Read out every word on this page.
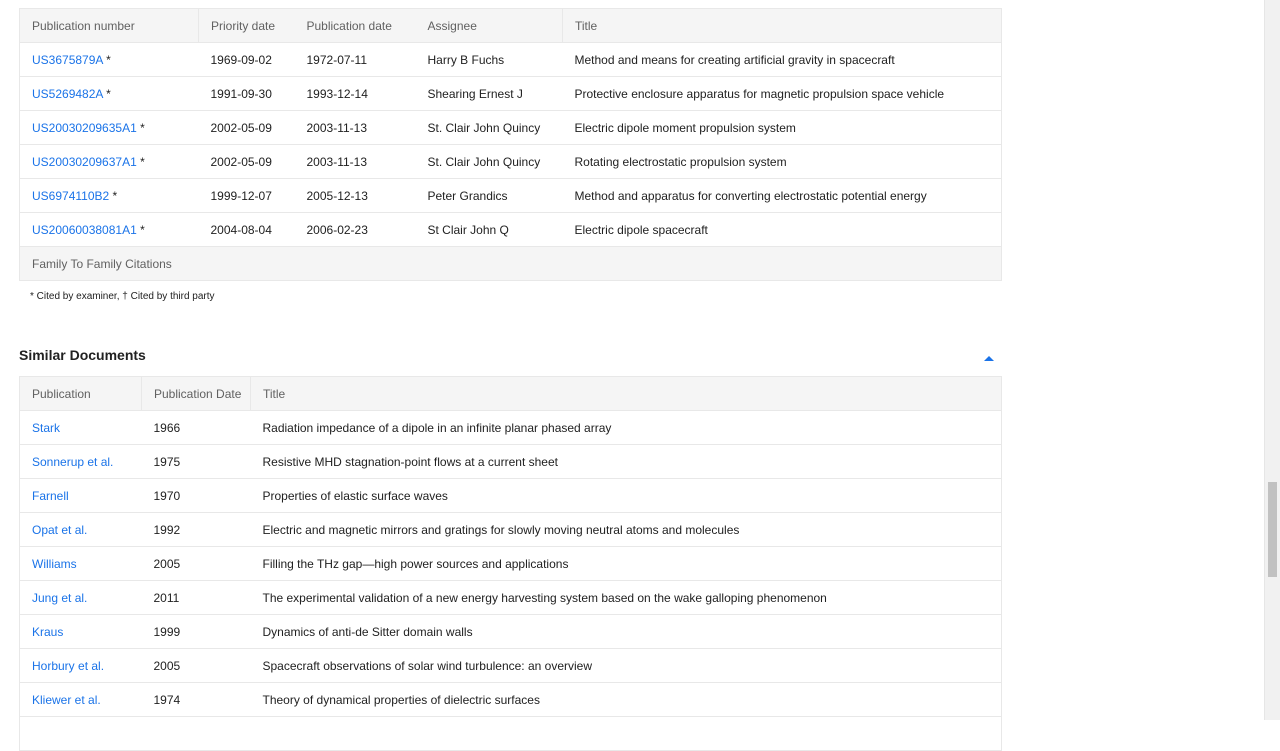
Publication number	Priority date	Publication date	Assignee	Title
US3675879A *	1969-09-02	1972-07-11	Harry B Fuchs	Method and means for creating artificial gravity in spacecraft
US5269482A *	1991-09-30	1993-12-14	Shearing Ernest J	Protective enclosure apparatus for magnetic propulsion space vehicle
US20030209635A1 *	2002-05-09	2003-11-13	St. Clair John Quincy	Electric dipole moment propulsion system
US20030209637A1 *	2002-05-09	2003-11-13	St. Clair John Quincy	Rotating electrostatic propulsion system
US6974110B2 *	1999-12-07	2005-12-13	Peter Grandics	Method and apparatus for converting electrostatic potential energy
US20060038081A1 *	2004-08-04	2006-02-23	St Clair John Q	Electric dipole spacecraft
Family To Family Citations				
* Cited by examiner, † Cited by third party
Similar Documents
Publication	Publication Date	Title
Stark	1966	Radiation impedance of a dipole in an infinite planar phased array
Sonnerup et al.	1975	Resistive MHD stagnation-point flows at a current sheet
Farnell	1970	Properties of elastic surface waves
Opat et al.	1992	Electric and magnetic mirrors and gratings for slowly moving neutral atoms and molecules
Williams	2005	Filling the THz gap—high power sources and applications
Jung et al.	2011	The experimental validation of a new energy harvesting system based on the wake galloping phenomenon
Kraus	1999	Dynamics of anti-de Sitter domain walls
Horbury et al.	2005	Spacecraft observations of solar wind turbulence: an overview
Kliewer et al.	1974	Theory of dynamical properties of dielectric surfaces
